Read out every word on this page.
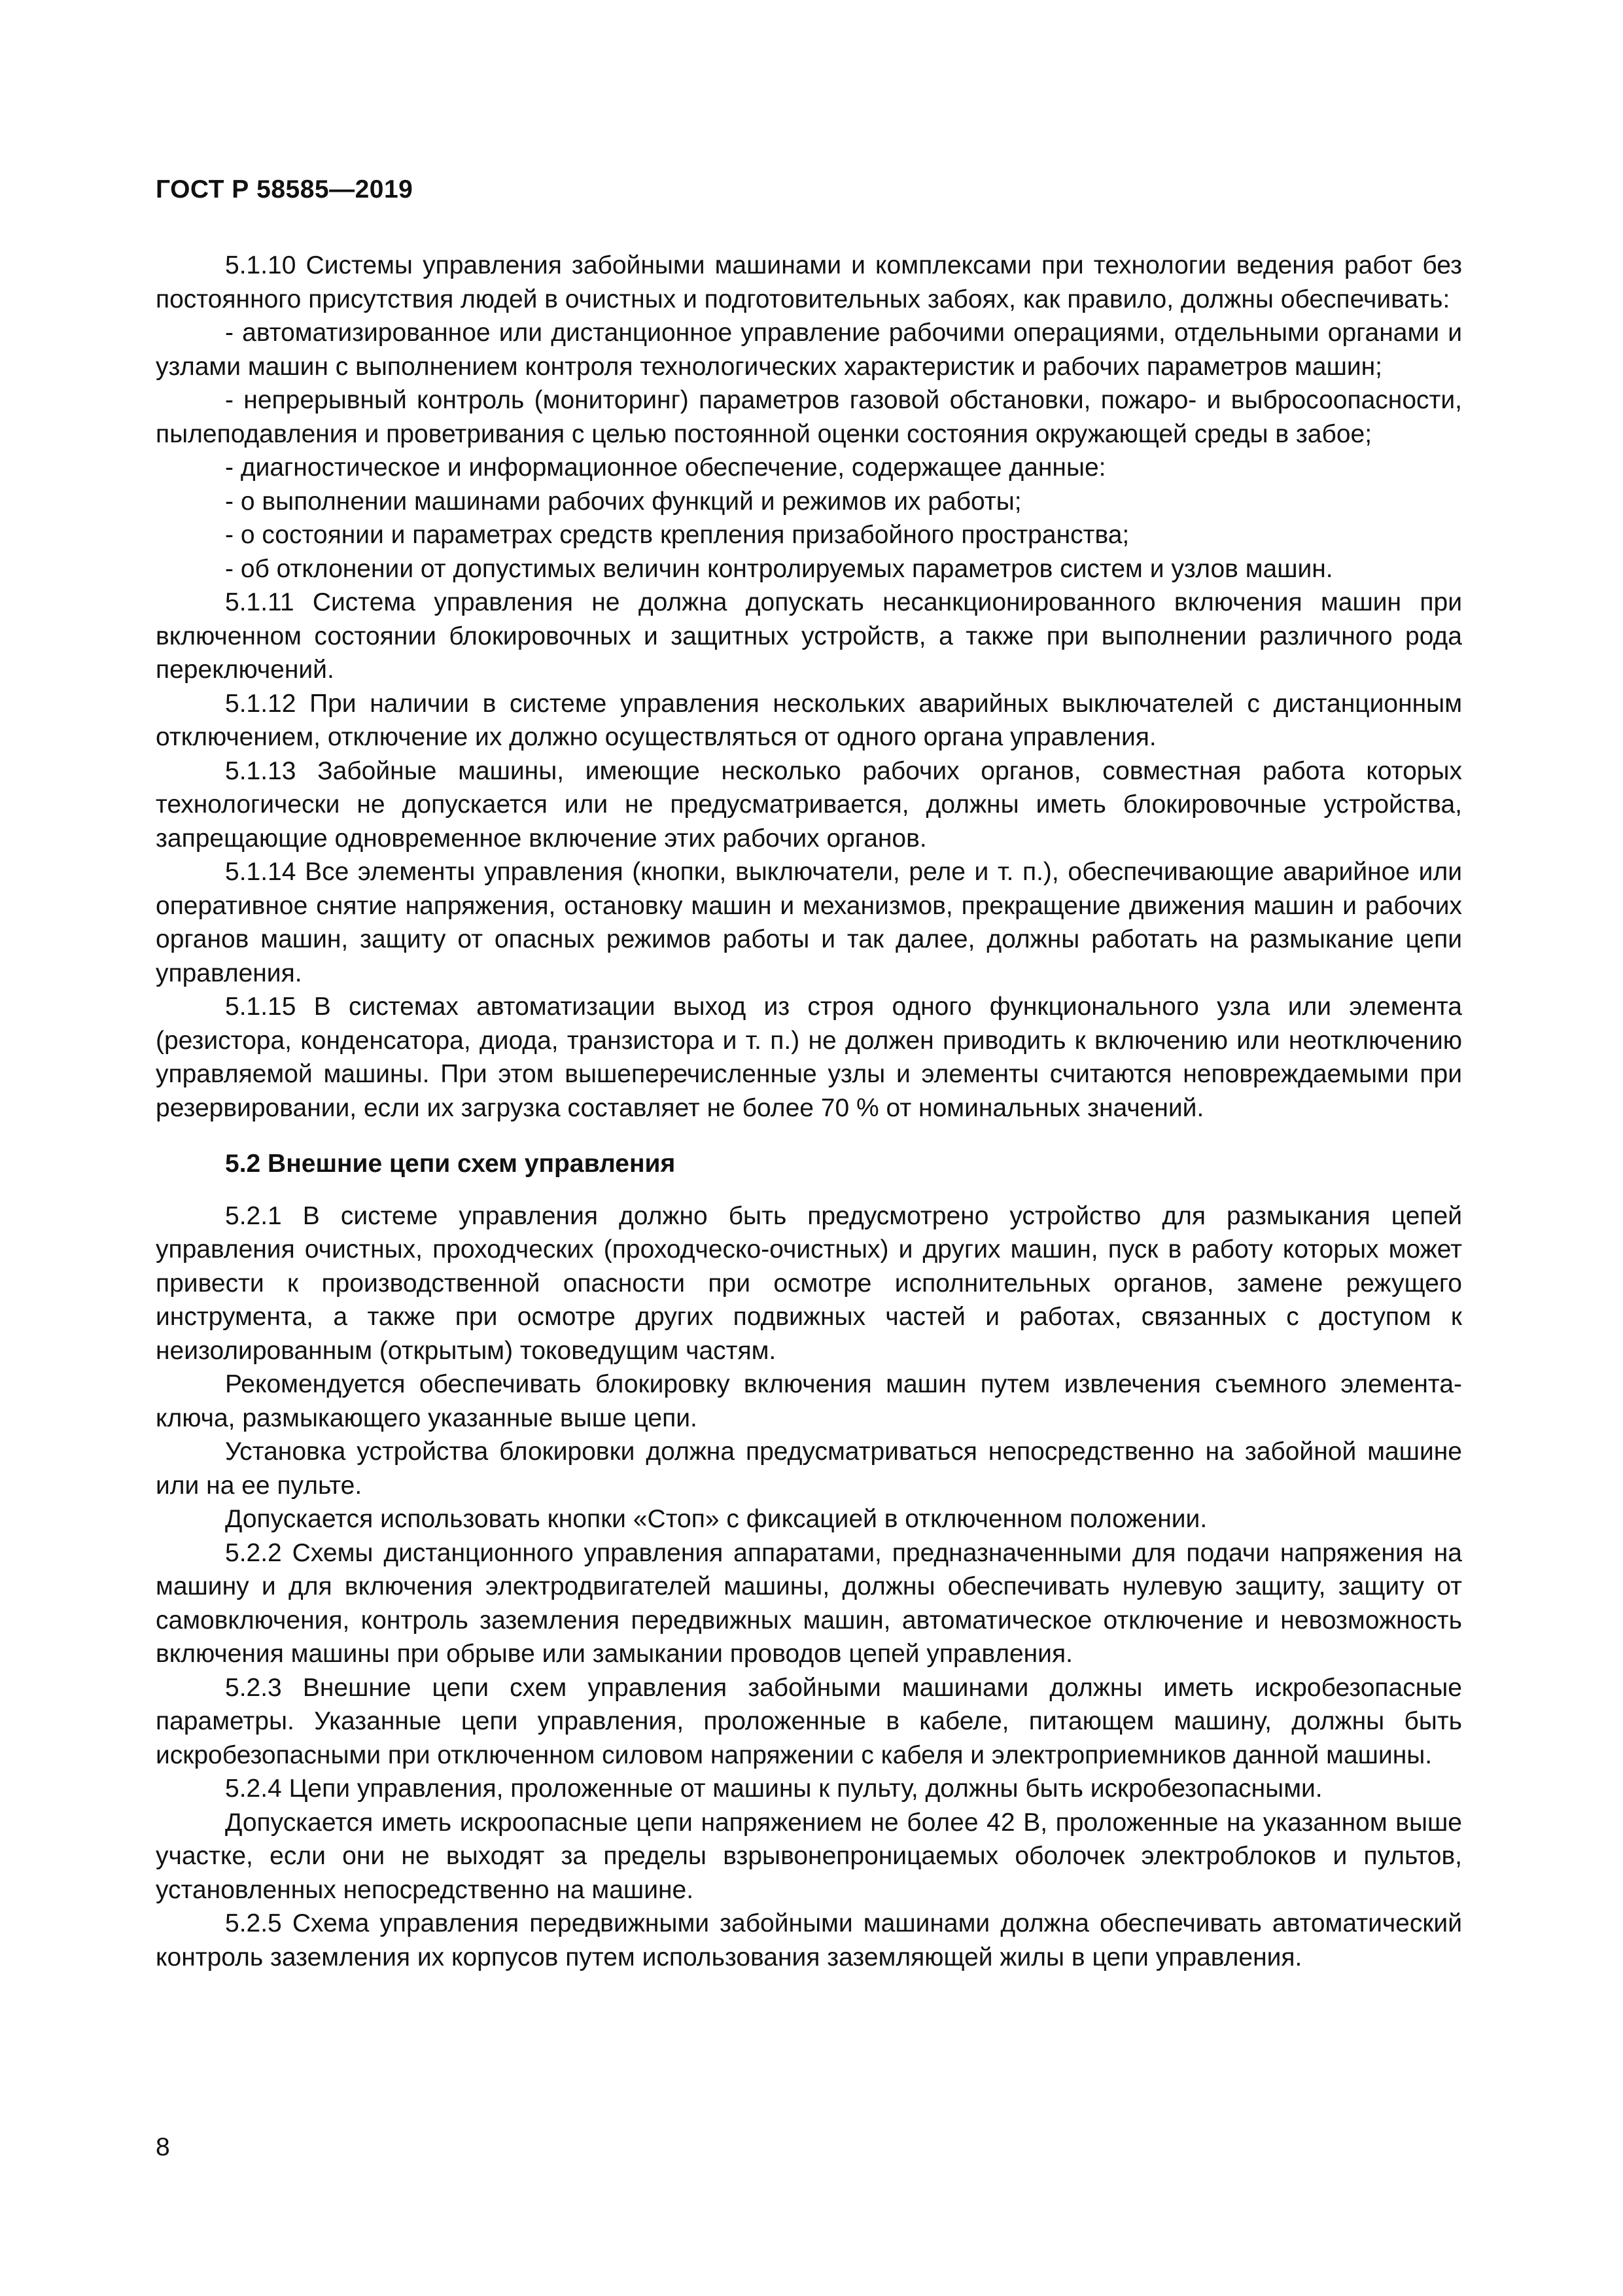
ГОСТ Р 58585—2019

5.1.10 Системы управления забойными машинами и комплексами при технологии ведения работ без постоянного присутствия людей в очистных и подготовительных забоях, как правило, должны обеспечивать:

- автоматизированное или дистанционное управление рабочими операциями, отдельными органами и узлами машин с выполнением контроля технологических характеристик и рабочих параметров машин;

- непрерывный контроль (мониторинг) параметров газовой обстановки, пожаро- и выбросоопасности, пылеподавления и проветривания с целью постоянной оценки состояния окружающей среды в забое;

- диагностическое и информационное обеспечение, содержащее данные:

- о выполнении машинами рабочих функций и режимов их работы;

- о состоянии и параметрах средств крепления призабойного пространства;

- об отклонении от допустимых величин контролируемых параметров систем и узлов машин.

5.1.11 Система управления не должна допускать несанкционированного включения машин при включенном состоянии блокировочных и защитных устройств, а также при выполнении различного рода переключений.

5.1.12 При наличии в системе управления нескольких аварийных выключателей с дистанционным отключением, отключение их должно осуществляться от одного органа управления.

5.1.13 Забойные машины, имеющие несколько рабочих органов, совместная работа которых технологически не допускается или не предусматривается, должны иметь блокировочные устройства, запрещающие одновременное включение этих рабочих органов.

5.1.14 Все элементы управления (кнопки, выключатели, реле и т. п.), обеспечивающие аварийное или оперативное снятие напряжения, остановку машин и механизмов, прекращение движения машин и рабочих органов машин, защиту от опасных режимов работы и так далее, должны работать на размыкание цепи управления.

5.1.15 В системах автоматизации выход из строя одного функционального узла или элемента (резистора, конденсатора, диода, транзистора и т. п.) не должен приводить к включению или неотключению управляемой машины. При этом вышеперечисленные узлы и элементы считаются неповреждаемыми при резервировании, если их загрузка составляет не более 70 % от номинальных значений.

5.2 Внешние цепи схем управления

5.2.1 В системе управления должно быть предусмотрено устройство для размыкания цепей управления очистных, проходческих (проходческо-очистных) и других машин, пуск в работу которых может привести к производственной опасности при осмотре исполнительных органов, замене режущего инструмента, а также при осмотре других подвижных частей и работах, связанных с доступом к неизолированным (открытым) токоведущим частям.

Рекомендуется обеспечивать блокировку включения машин путем извлечения съемного элемента-ключа, размыкающего указанные выше цепи.

Установка устройства блокировки должна предусматриваться непосредственно на забойной машине или на ее пульте.

Допускается использовать кнопки «Стоп» с фиксацией в отключенном положении.

5.2.2 Схемы дистанционного управления аппаратами, предназначенными для подачи напряжения на машину и для включения электродвигателей машины, должны обеспечивать нулевую защиту, защиту от самовключения, контроль заземления передвижных машин, автоматическое отключение и невозможность включения машины при обрыве или замыкании проводов цепей управления.

5.2.3 Внешние цепи схем управления забойными машинами должны иметь искробезопасные параметры. Указанные цепи управления, проложенные в кабеле, питающем машину, должны быть искробезопасными при отключенном силовом напряжении с кабеля и электроприемников данной машины.

5.2.4 Цепи управления, проложенные от машины к пульту, должны быть искробезопасными.

Допускается иметь искроопасные цепи напряжением не более 42 В, проложенные на указанном выше участке, если они не выходят за пределы взрывонепроницаемых оболочек электроблоков и пультов, установленных непосредственно на машине.

5.2.5 Схема управления передвижными забойными машинами должна обеспечивать автоматический контроль заземления их корпусов путем использования заземляющей жилы в цепи управления.

8
